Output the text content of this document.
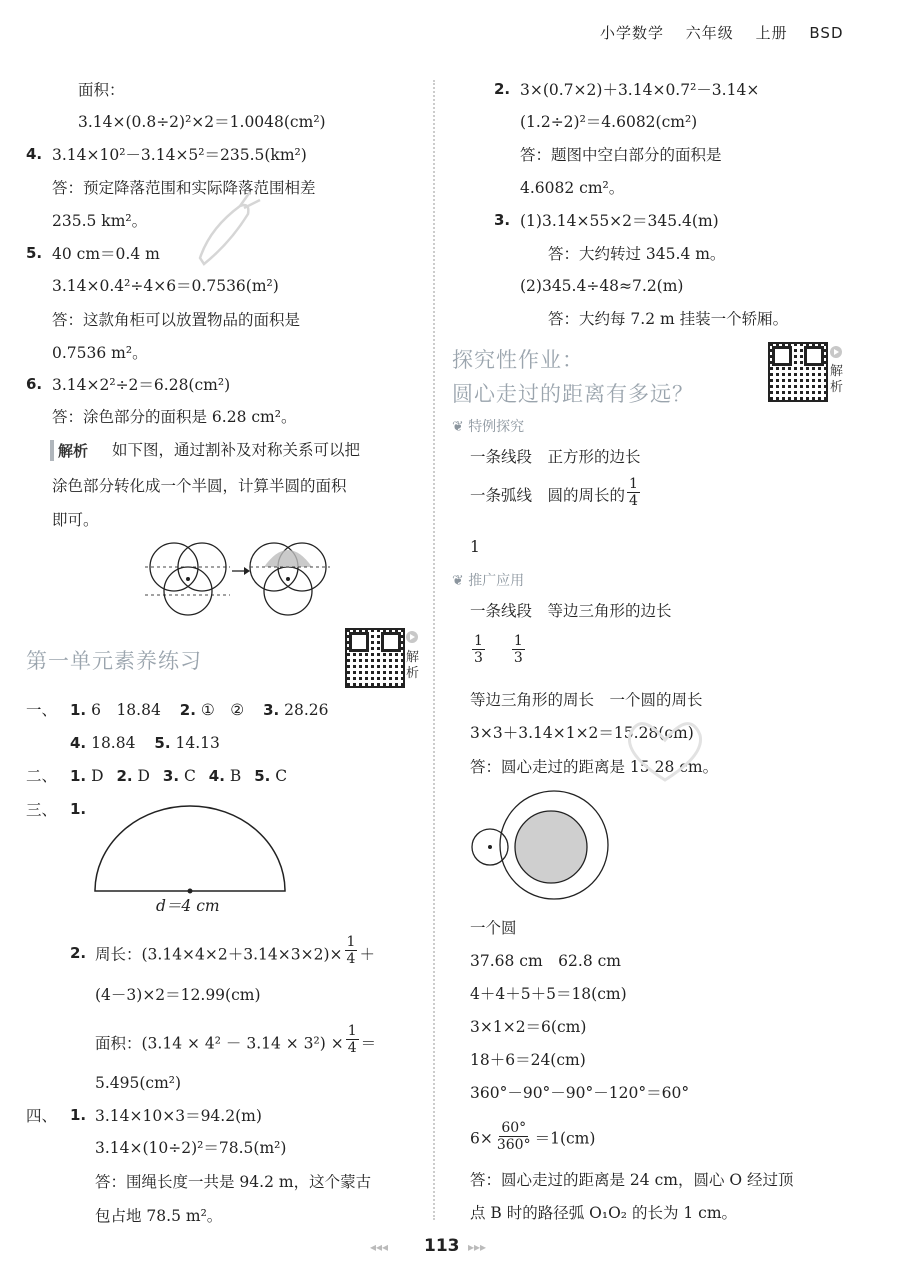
小学数学　 六年级　 上册　 BSD
面积：
3.14×(0.8÷2)²×2＝1.0048(cm²)
4. 3.14×10²－3.14×5²＝235.5(km²)
答：预定降落范围和实际降落范围相差
235.5 km²。
5. 40 cm＝0.4 m
3.14×0.4²÷4×6＝0.7536(m²)
答：这款角柜可以放置物品的面积是
0.7536 m²。
6. 3.14×2²÷2＝6.28(cm²)
答：涂色部分的面积是 6.28 cm²。
解析 如下图，通过割补及对称关系可以把
涂色部分转化成一个半圆，计算半圆的面积
即可。
第一单元素养练习	解析
一、 1. 6　18.84 2. ①　② 3. 28.26
4. 18.84 5. 14.13
二、 1. D 2. D 3. C 4. B 5. C
三、 1.
d＝4 cm
2. 周长：$(3.14\times 4\times 2+3.14\times 3\times 2)\times \frac{1}{4}$ ＋
(4－3)×2＝12.99(cm)
面积：$(3.14 \times 4^2 - 3.14 \times 3^2) \times \frac{1}{4}$ ＝
5.495(cm²)
四、 1. 3.14×10×3＝94.2(m)
3.14×(10÷2)²＝78.5(m²)
答：围绳长度一共是 94.2 m，这个蒙古
包占地 78.5 m²。
2. 3×(0.7×2)＋3.14×0.7²－3.14×
(1.2÷2)²＝4.6082(cm²)
答：题图中空白部分的面积是
4.6082 cm²。
3. (1)3.14×55×2＝345.4(m)
答：大约转过 345.4 m。
(2)345.4÷48≈7.2(m)
答：大约每 7.2 m 挂装一个轿厢。
探究性作业：
圆心走过的距离有多远？
解析
❦ 特例探究
一条线段　正方形的边长
一条弧线　圆的周长的 $\frac{1}{4}$
1
❦ 推广应用
一条线段　等边三角形的边长
$\frac{1}{3}$
$\frac{1}{3}$
等边三角形的周长　一个圆的周长
3×3＋3.14×1×2＝15.28(cm)
答：圆心走过的距离是 15.28 cm。
一个圆
37.68 cm　62.8 cm
4＋4＋5＋5＝18(cm)
3×1×2＝6(cm)
18＋6＝24(cm)
360°－90°－90°－120°＝60°
$6\times \frac{60^\circ}{360^\circ} =1(cm)$
答：圆心走过的距离是 24 cm，圆心 O 经过顶
点 B 时的路径弧 O₁O₂ 的长为 1 cm。
◂◂◂ 113 ▸▸▸
